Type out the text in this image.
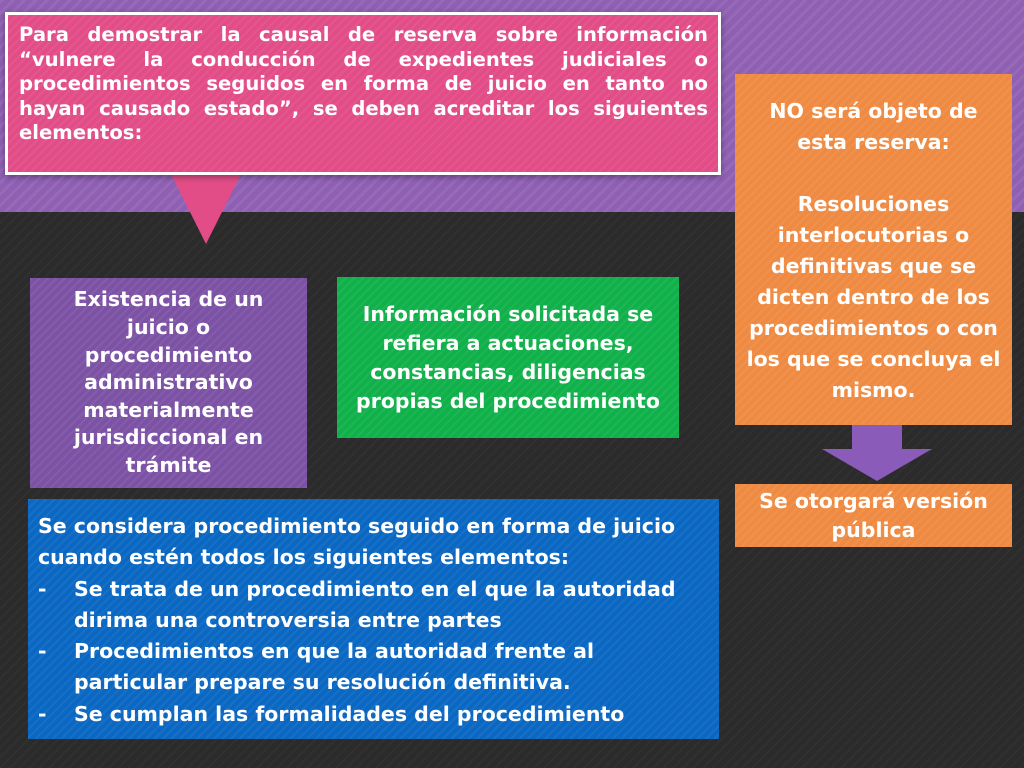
Para demostrar la causal de reserva sobre información “vulnere la conducción de expedientes judiciales o procedimientos seguidos en forma de juicio en tanto no hayan causado estado”, se deben acreditar los siguientes elementos:
Existencia de un juicio o procedimiento administrativo materialmente jurisdiccional en trámite
Información solicitada se refiera a actuaciones, constancias, diligencias propias del procedimiento

NO será objeto de esta reserva:

Resoluciones interlocutorias o definitivas que se dicten dentro de los procedimientos o con los que se concluya el mismo.

Se otorgará versión pública

Se considera procedimiento seguido en forma de juicio cuando estén todos los siguientes elementos:

- Se trata de un procedimiento en el que la autoridad dirima una controversia entre partes
- Procedimientos en que la autoridad frente al particular prepare su resolución definitiva.
- Se cumplan las formalidades del procedimiento
